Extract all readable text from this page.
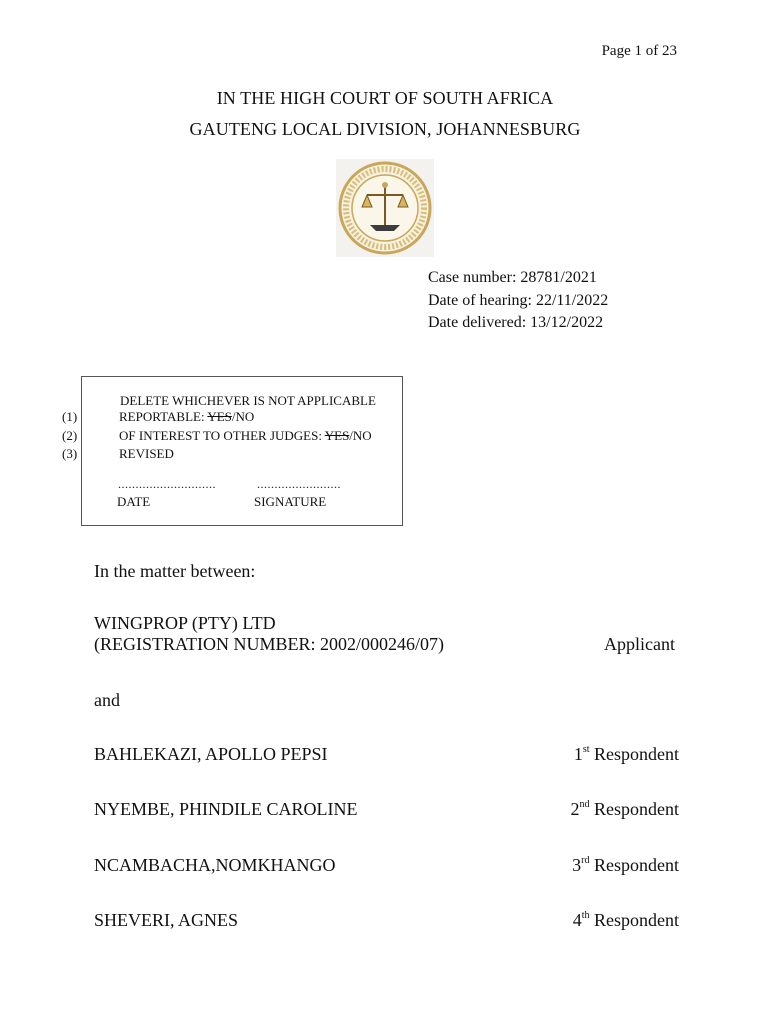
Page 1 of 23
IN THE HIGH COURT OF SOUTH AFRICA
GAUTENG LOCAL DIVISION, JOHANNESBURG
Case number: 28781/2021
Date of hearing: 22/11/2022
Date delivered: 13/12/2022
DELETE WHICHEVER IS NOT APPLICABLE
(1)	REPORTABLE: YES/NO
(2)	OF INTEREST TO OTHER JUDGES: YES/NO
(3)	REVISED
............................	........................
DATE	SIGNATURE
In the matter between:
WINGPROP (PTY) LTD
(REGISTRATION NUMBER: 2002/000246/07)	Applicant
and
BAHLEKAZI, APOLLO PEPSI	1st Respondent
NYEMBE, PHINDILE CAROLINE	2nd Respondent
NCAMBACHA,NOMKHANGO	3rd Respondent
SHEVERI, AGNES	4th Respondent
